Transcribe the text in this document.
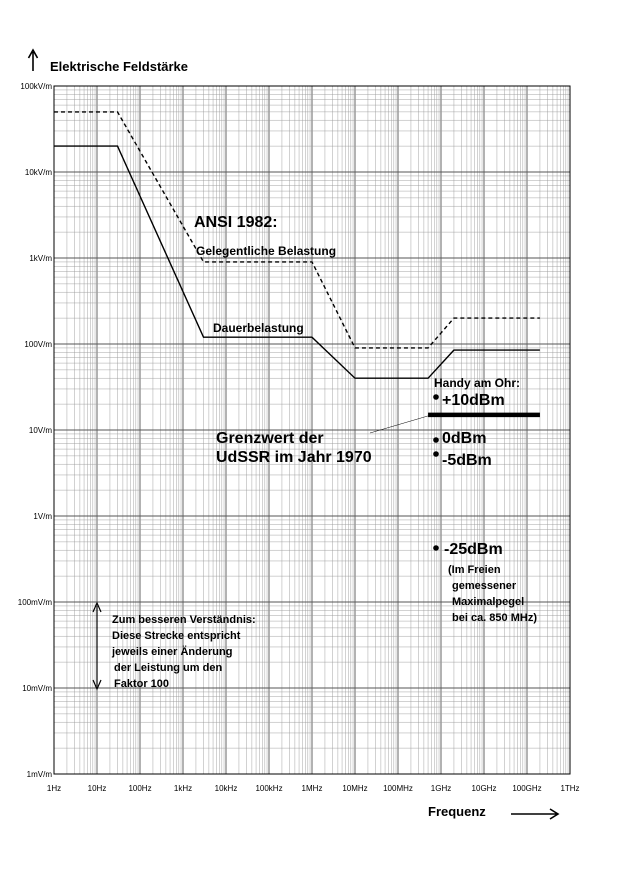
100kV/m
10kV/m
1kV/m
100V/m
10V/m
1V/m
100mV/m
10mV/m
1mV/m
1Hz	10Hz	100Hz	1kHz	10kHz 100kHz 1MHz 10MHz 100MHz 1GHz	10GHz 100GHz 1THz
Elektrische Feldstärke
Frequenz
ANSI 1982:
Gelegentliche Belastung
Dauerbelastung
Grenzwert der
UdSSR im Jahr 1970
Handy am Ohr:
+10dBm
0dBm
-5dBm
-25dBm
(Im Freien
gemessener
Maximalpegel
bei ca. 850 MHz)
Zum besseren Verständnis:
Diese Strecke entspricht
jeweils einer Änderung
der Leistung um den
Faktor 100
